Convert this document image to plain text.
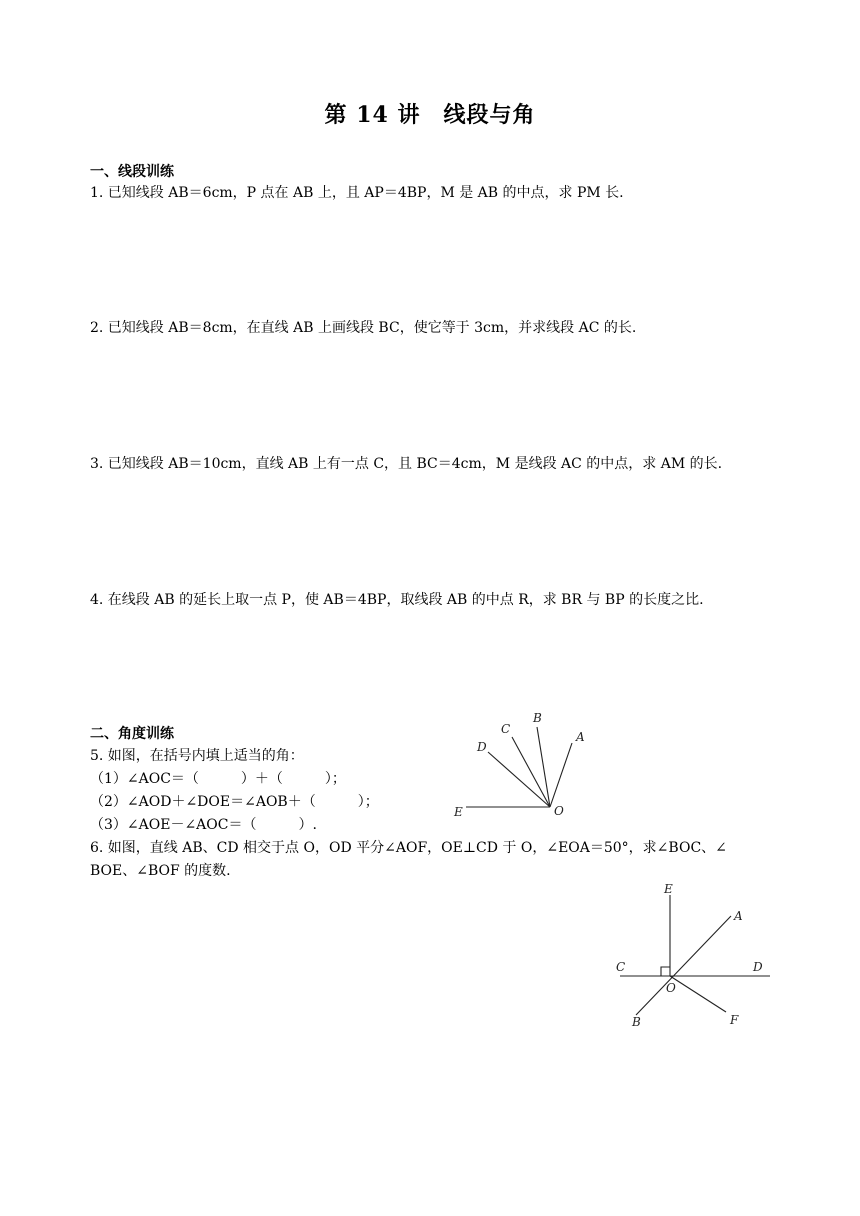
第 14 讲　线段与角
一、线段训练
1. 已知线段 AB＝6cm，P 点在 AB 上，且 AP＝4BP，M 是 AB 的中点，求 PM 长.
2. 已知线段 AB＝8cm，在直线 AB 上画线段 BC，使它等于 3cm，并求线段 AC 的长.
3. 已知线段 AB＝10cm，直线 AB 上有一点 C，且 BC＝4cm，M 是线段 AC 的中点，求 AM 的长.
4. 在线段 AB 的延长上取一点 P，使 AB＝4BP，取线段 AB 的中点 R，求 BR 与 BP 的长度之比.
二、角度训练
5. 如图，在括号内填上适当的角：
（1）∠AOC＝（　　　）＋（　　　）；
（2）∠AOD＋∠DOE＝∠AOB＋（　　　）；
（3）∠AOE－∠AOC＝（　　　）.
6. 如图，直线 AB、CD 相交于点 O，OD 平分∠AOF，OE⊥CD 于 O，∠EOA＝50°，求∠BOC、∠
BOE、∠BOF 的度数.
A
B
C
D
E	O
E
A
C	D
O
B	F
